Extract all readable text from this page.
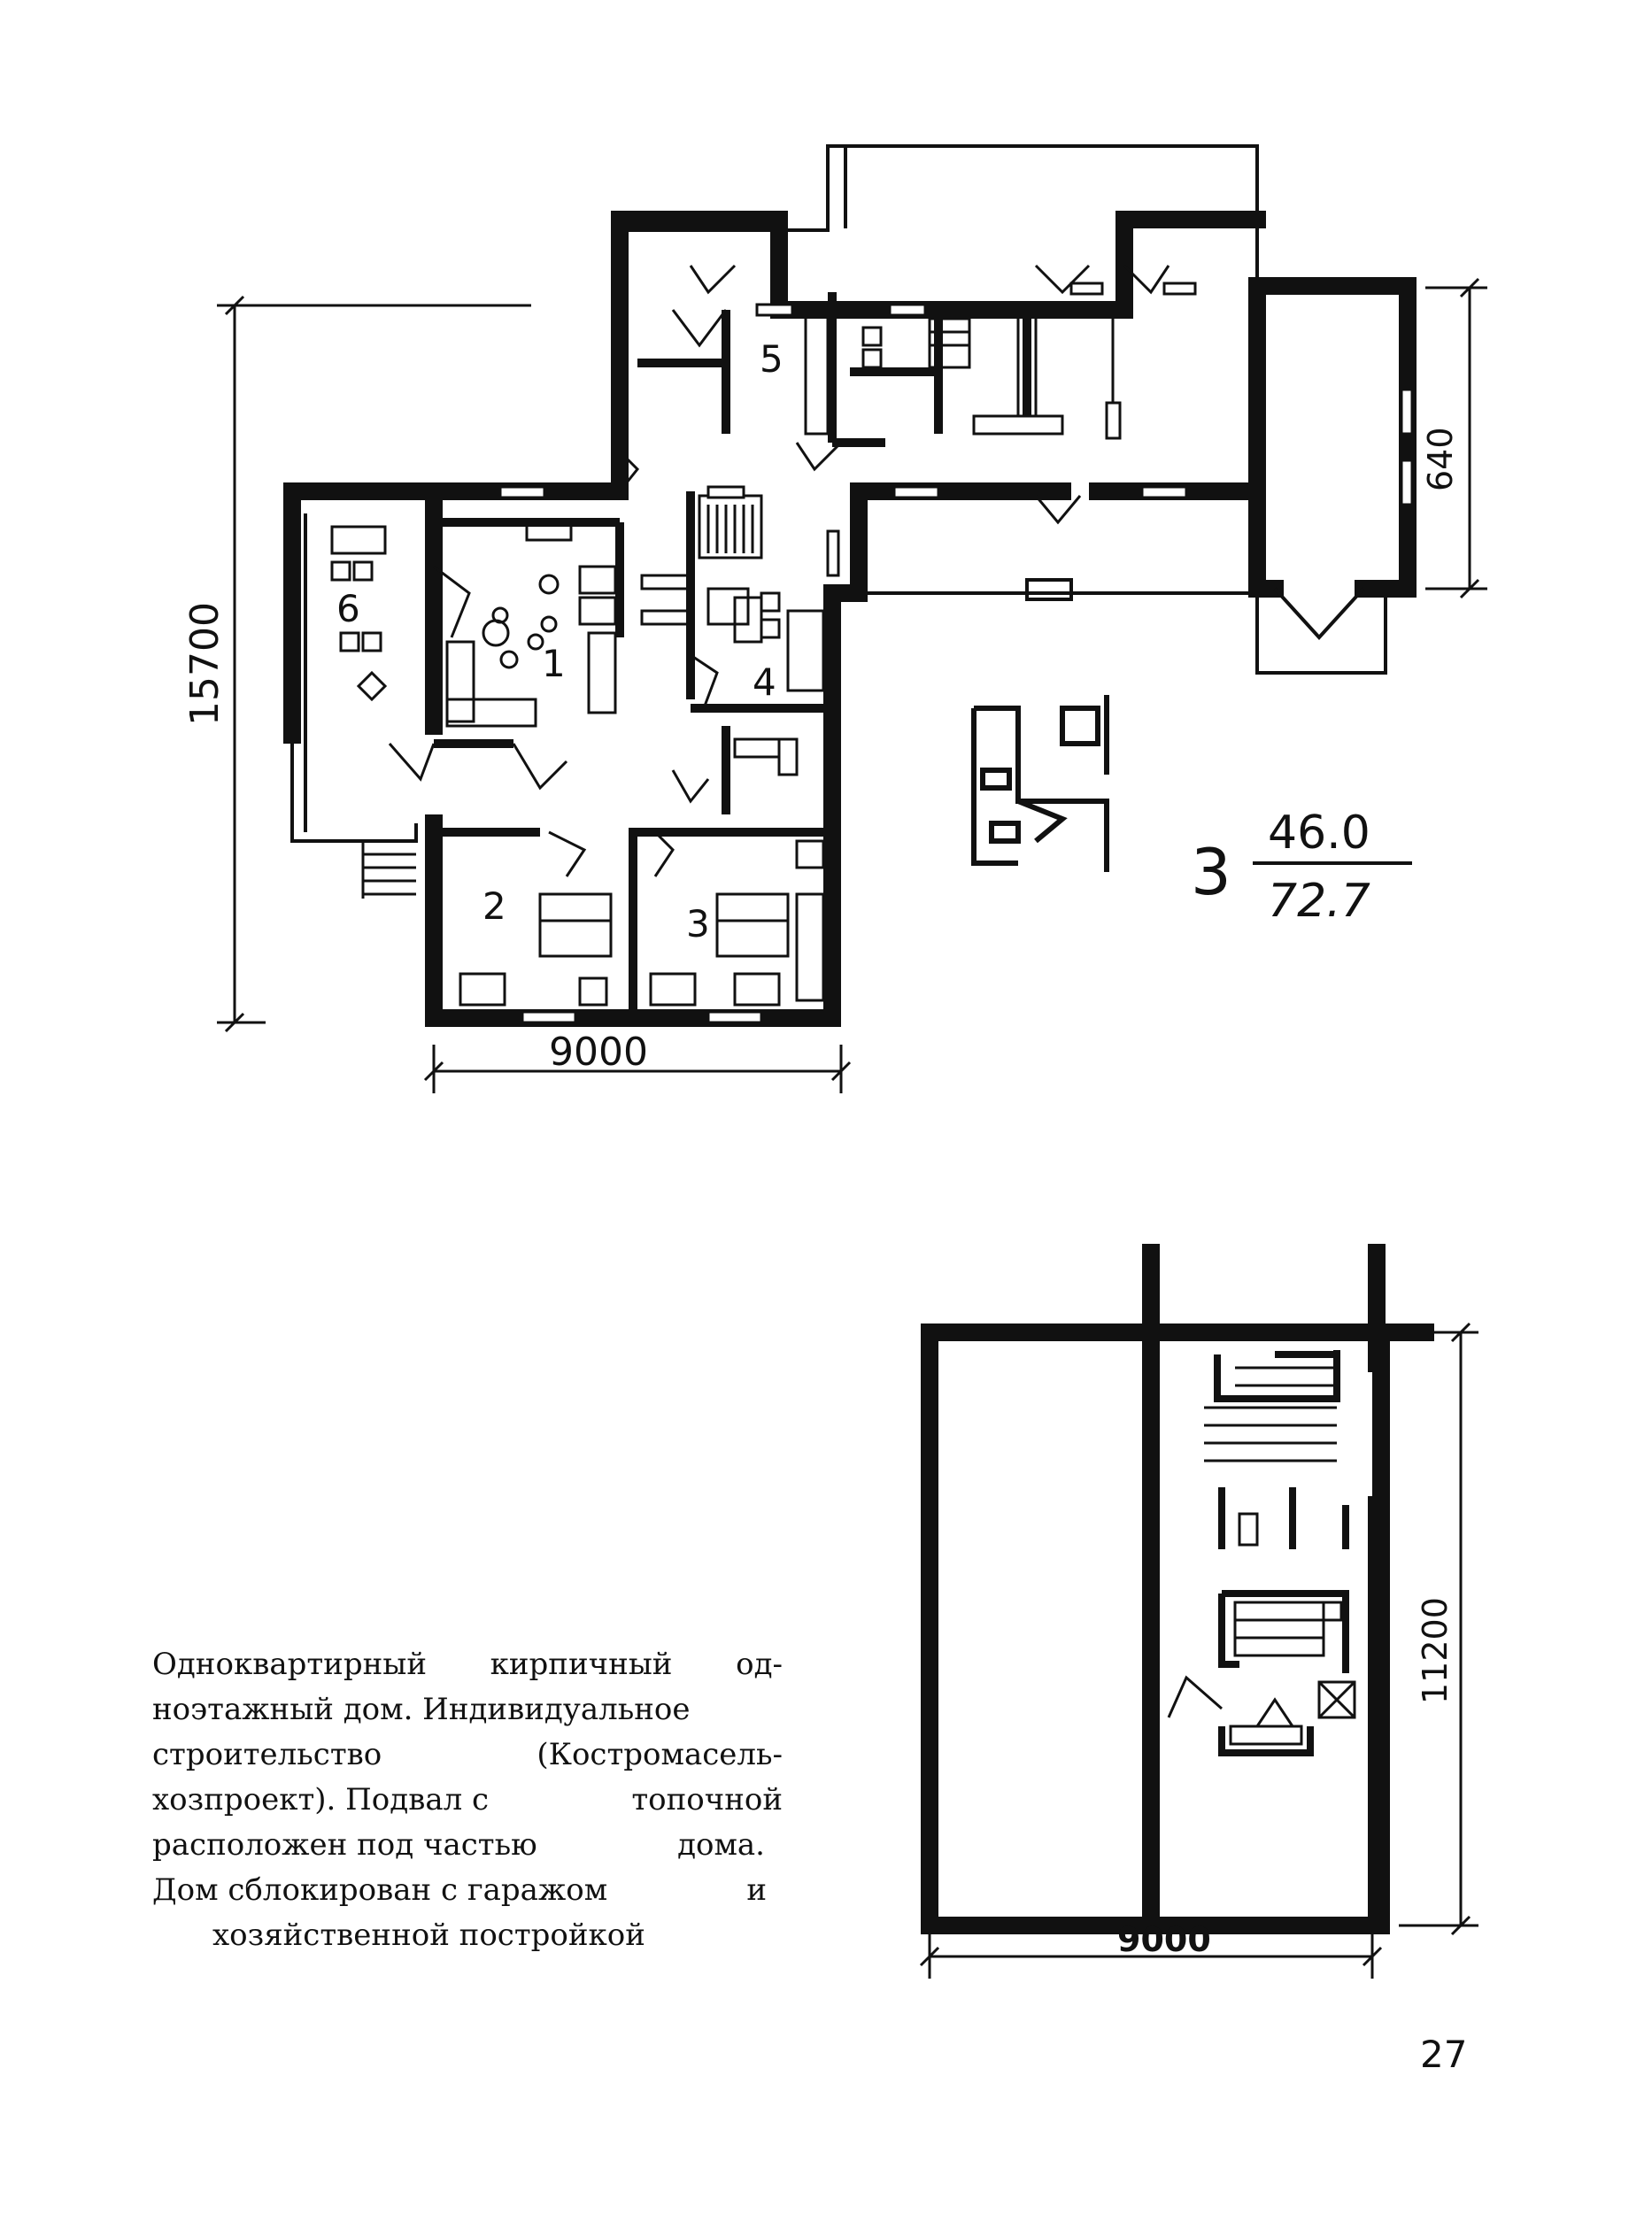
1
2	3
4
5
6
15700
640
9000
3
46.0
72.7
9000
11200
Одноквартирный кирпичный од-
ноэтажный дом. Индивидуальное
строительство	(Костромасель-
хозпроект). Подвал с	топочной
расположен под частью	дома.
Дом сблокирован с гаражом	и
хозяйственной постройкой
27
